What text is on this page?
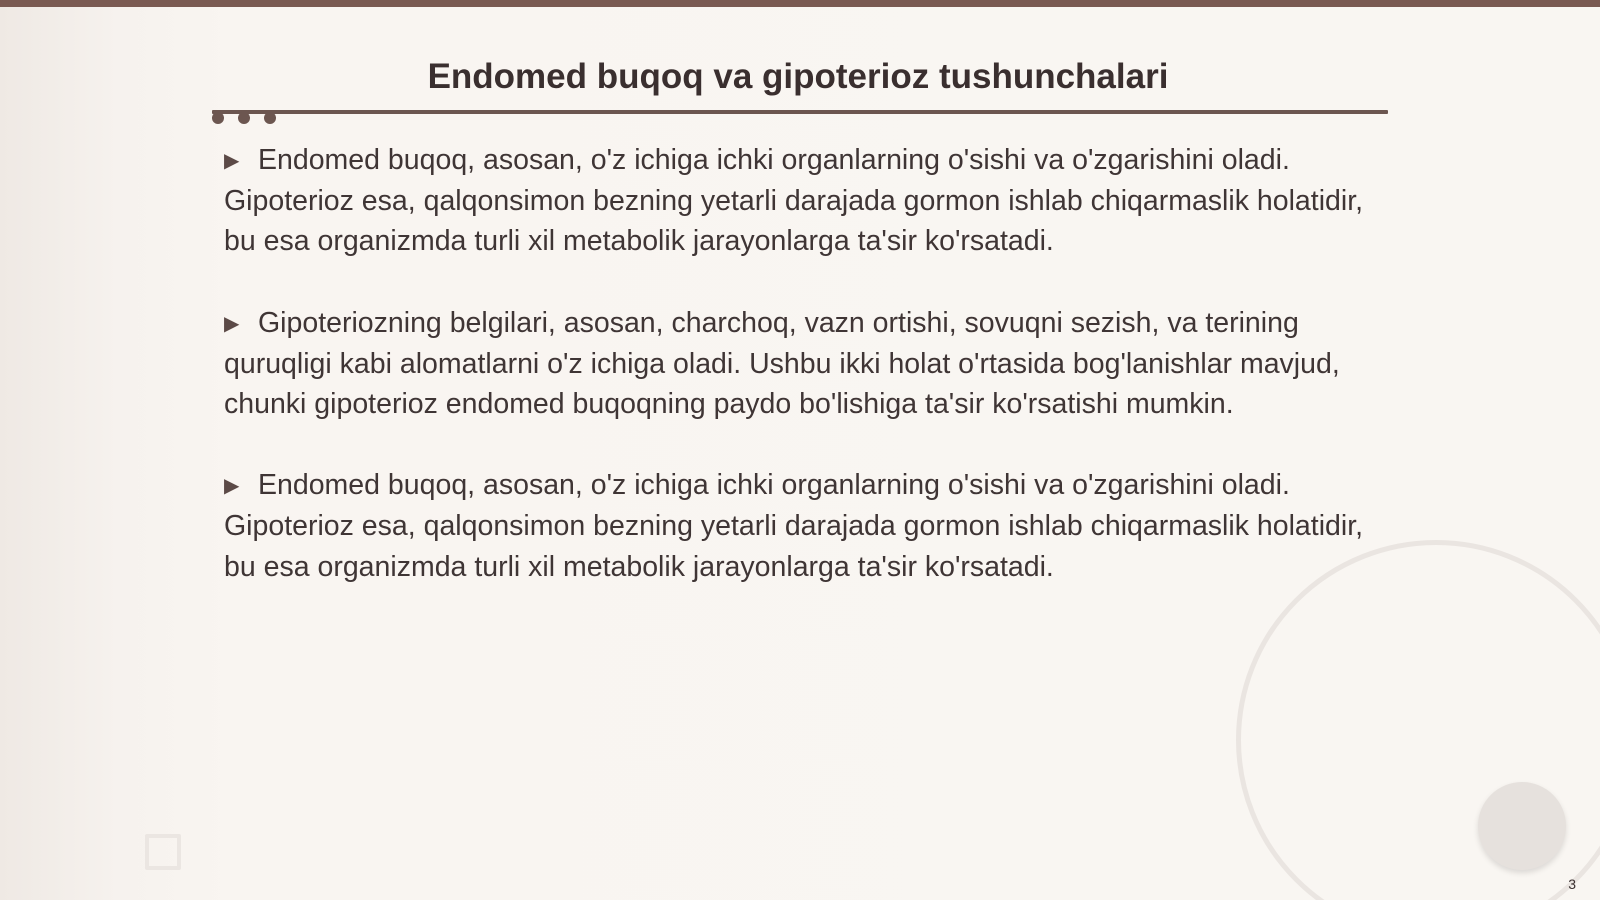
Endomed buqoq va gipoterioz tushunchalari

▶ Endomed buqoq, asosan, o'z ichiga ichki organlarning o'sishi va o'zgarishini oladi. Gipoterioz esa, qalqonsimon bezning yetarli darajada gormon ishlab chiqarmaslik holatidir, bu esa organizmda turli xil metabolik jarayonlarga ta'sir ko'rsatadi.

▶ Gipoteriozning belgilari, asosan, charchoq, vazn ortishi, sovuqni sezish, va terining quruqligi kabi alomatlarni o'z ichiga oladi. Ushbu ikki holat o'rtasida bog'lanishlar mavjud, chunki gipoterioz endomed buqoqning paydo bo'lishiga ta'sir ko'rsatishi mumkin.

▶ Endomed buqoq, asosan, o'z ichiga ichki organlarning o'sishi va o'zgarishini oladi. Gipoterioz esa, qalqonsimon bezning yetarli darajada gormon ishlab chiqarmaslik holatidir, bu esa organizmda turli xil metabolik jarayonlarga ta'sir ko'rsatadi.

3
